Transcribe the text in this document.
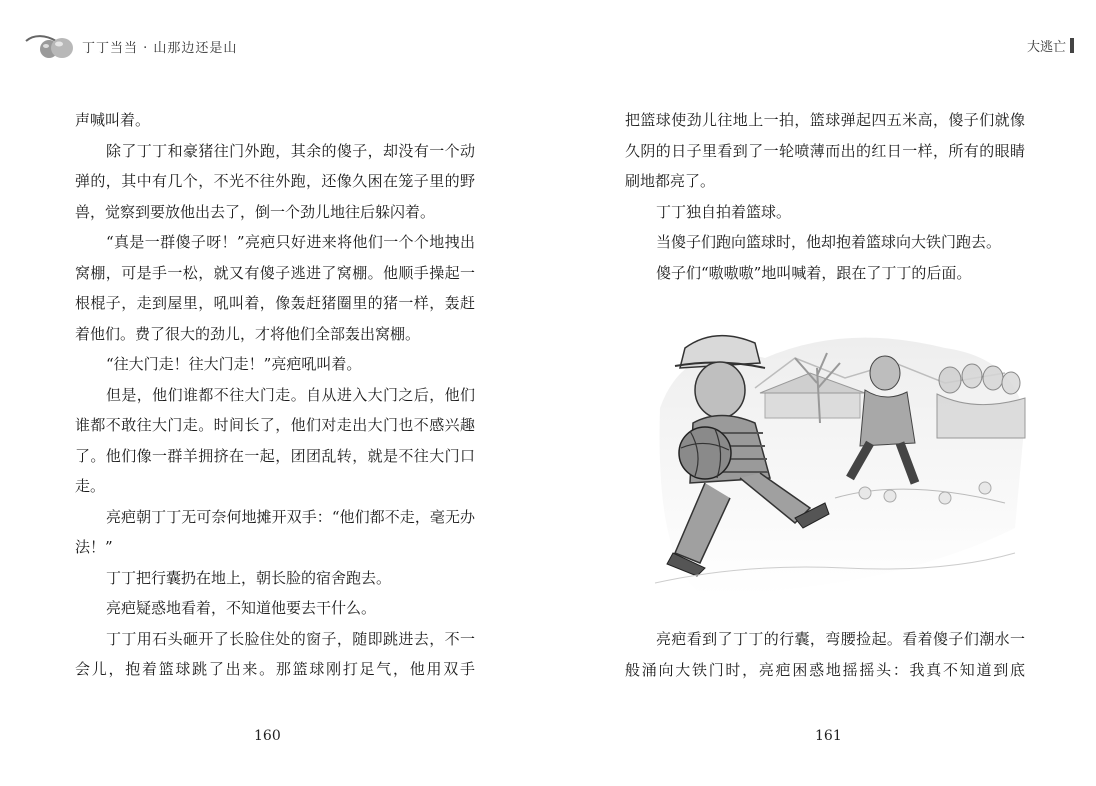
丁丁当当 · 山那边还是山	大逃亡

声喊叫着。

除了丁丁和豪猪往门外跑，其余的傻子，却没有一个动弹的，其中有几个，不光不往外跑，还像久困在笼子里的野兽，觉察到要放他出去了，倒一个劲儿地往后躲闪着。

“真是一群傻子呀！”亮疤只好进来将他们一个个地拽出窝棚，可是手一松，就又有傻子逃进了窝棚。他顺手操起一根棍子，走到屋里，吼叫着，像轰赶猪圈里的猪一样，轰赶着他们。费了很大的劲儿，才将他们全部轰出窝棚。

“往大门走！往大门走！”亮疤吼叫着。

但是，他们谁都不往大门走。自从进入大门之后，他们谁都不敢往大门走。时间长了，他们对走出大门也不感兴趣了。他们像一群羊拥挤在一起，团团乱转，就是不往大门口走。

亮疤朝丁丁无可奈何地摊开双手：“他们都不走，毫无办法！”

丁丁把行囊扔在地上，朝长脸的宿舍跑去。

亮疤疑惑地看着，不知道他要去干什么。

丁丁用石头砸开了长脸住处的窗子，随即跳进去，不一会儿，抱着篮球跳了出来。那篮球刚打足气，他用双手

把篮球使劲儿往地上一拍，篮球弹起四五米高，傻子们就像久阴的日子里看到了一轮喷薄而出的红日一样，所有的眼睛刷地都亮了。

丁丁独自拍着篮球。

当傻子们跑向篮球时，他却抱着篮球向大铁门跑去。

傻子们“嗷嗷嗷”地叫喊着，跟在了丁丁的后面。

亮疤看到了丁丁的行囊，弯腰捡起。看着傻子们潮水一般涌向大铁门时，亮疤困惑地摇摇头：我真不知道到底

160	161
